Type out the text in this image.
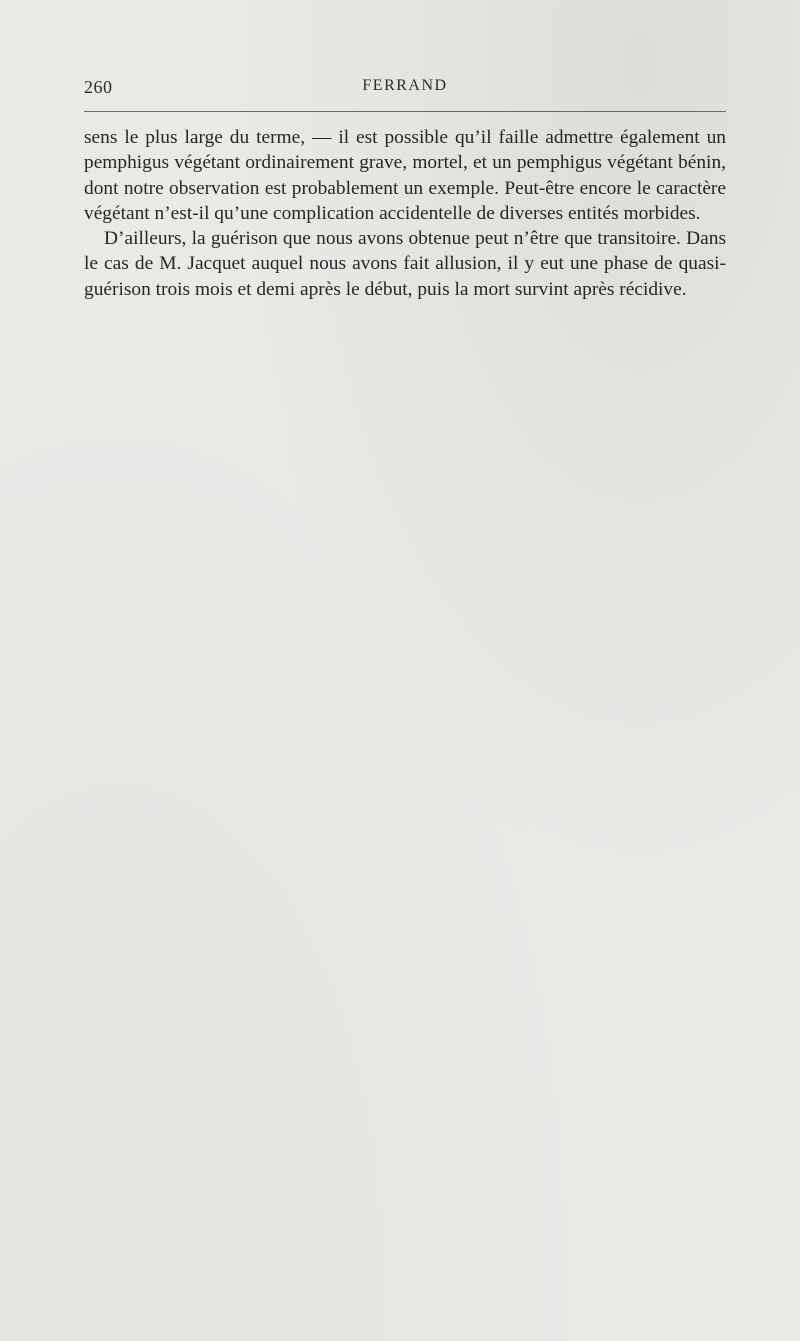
260	FERRAND

sens le plus large du terme, — il est possible qu’il faille admettre également un pemphigus végétant ordinairement grave, mortel, et un pemphigus végétant bénin, dont notre observation est probablement un exemple. Peut-être encore le caractère végétant n’est-il qu’une complication accidentelle de diverses entités morbides.

D’ailleurs, la guérison que nous avons obtenue peut n’être que transitoire. Dans le cas de M. Jacquet auquel nous avons fait allusion, il y eut une phase de quasi-guérison trois mois et demi après le début, puis la mort survint après récidive.
